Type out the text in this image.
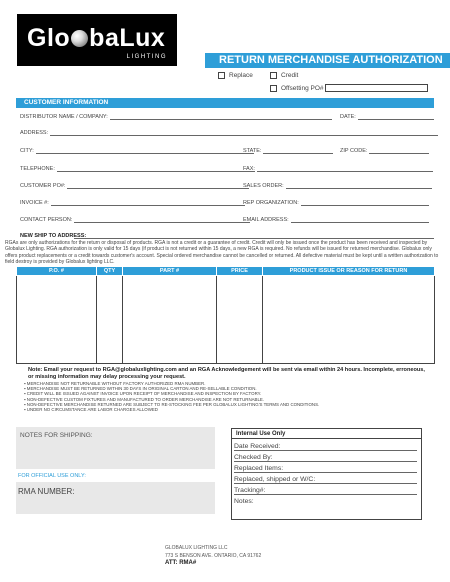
Glo baLux
LIGHTING	RETURN MERCHANDISE AUTHORIZATION
Replace	Credit
Offsetting PO#
CUSTOMER INFORMATION
DISTRIBUTOR NAME / COMPANY:	DATE:
ADDRESS:
CITY:	STATE:	ZIP CODE:
TELEPHONE:	FAX:
CUSTOMER PO#:	SALES ORDER:
INVOICE #:	REP ORGANIZATION:
CONTACT PERSON:	EMAIL ADDRESS:
NEW SHIP TO ADDRESS:
RGAs are only authorizations for the return or disposal of products. RGA is not a credit or a guarantee of credit. Credit will only be issued once the product has been received and inspected by Globalux Lighting. RGA authorization is only valid for 15 days (if product is not returned within 15 days, a new RGA is required. No refunds will be issued for returned merchandise. Globalux only offers product replacements or a credit towards customer's account. Special ordered merchandise cannot be cancelled or returned. All defective material must be kept until a written authorization to field destroy is provided by Globalux lighting LLC.
P.O. #	QTY	PART #	PRICE	PRODUCT ISSUE OR REASON FOR RETURN

Note: Email your request to RGA@globaluxlighting.com and an RGA Acknowledgement will be sent via email within 24 hours. Incomplete, erroneous, or missing information may delay processing your request.
▪ MERCHANDISE NOT RETURNABLE WITHOUT FACTORY AUTHORIZED RMA NUMBER.
▪ MERCHANDISE MUST BE RETURNED WITHIN 30 DAYS IN ORIGINAL CARTON AND RE-SELLABLE CONDITION.
▪ CREDIT WILL BE ISSUED AGAINST INVOICE UPON RECEIPT OF MERCHANDISE AND INSPECTION BY FACTORY.
▪ NON-DEFECTIVE CUSTOM FIXTURES AND MANUFACTURED TO ORDER MERCHANDISE ARE NOT RETURNABLE.
▪ NON-DEFECTIVE MERCHANDISE RETURNED ARE SUBJECT TO RE-STOCKING FEE PER GLOBALUX LIGHTING'S TERMS AND CONDITIONS.
▪ UNDER NO CIRCUMSTANCE ARE LABOR CHARGES ALLOWED
NOTES FOR SHIPPING:
FOR OFFICIAL USE ONLY:
RMA NUMBER:
Internal Use Only
Date Received:
Checked By:
Replaced Items:
Replaced, shipped or W/C:
Tracking#:
Notes:
GLOBALUX LIGHTING LLC
773 S BENSON AVE. ONTARIO, CA 91762
ATT: RMA#
